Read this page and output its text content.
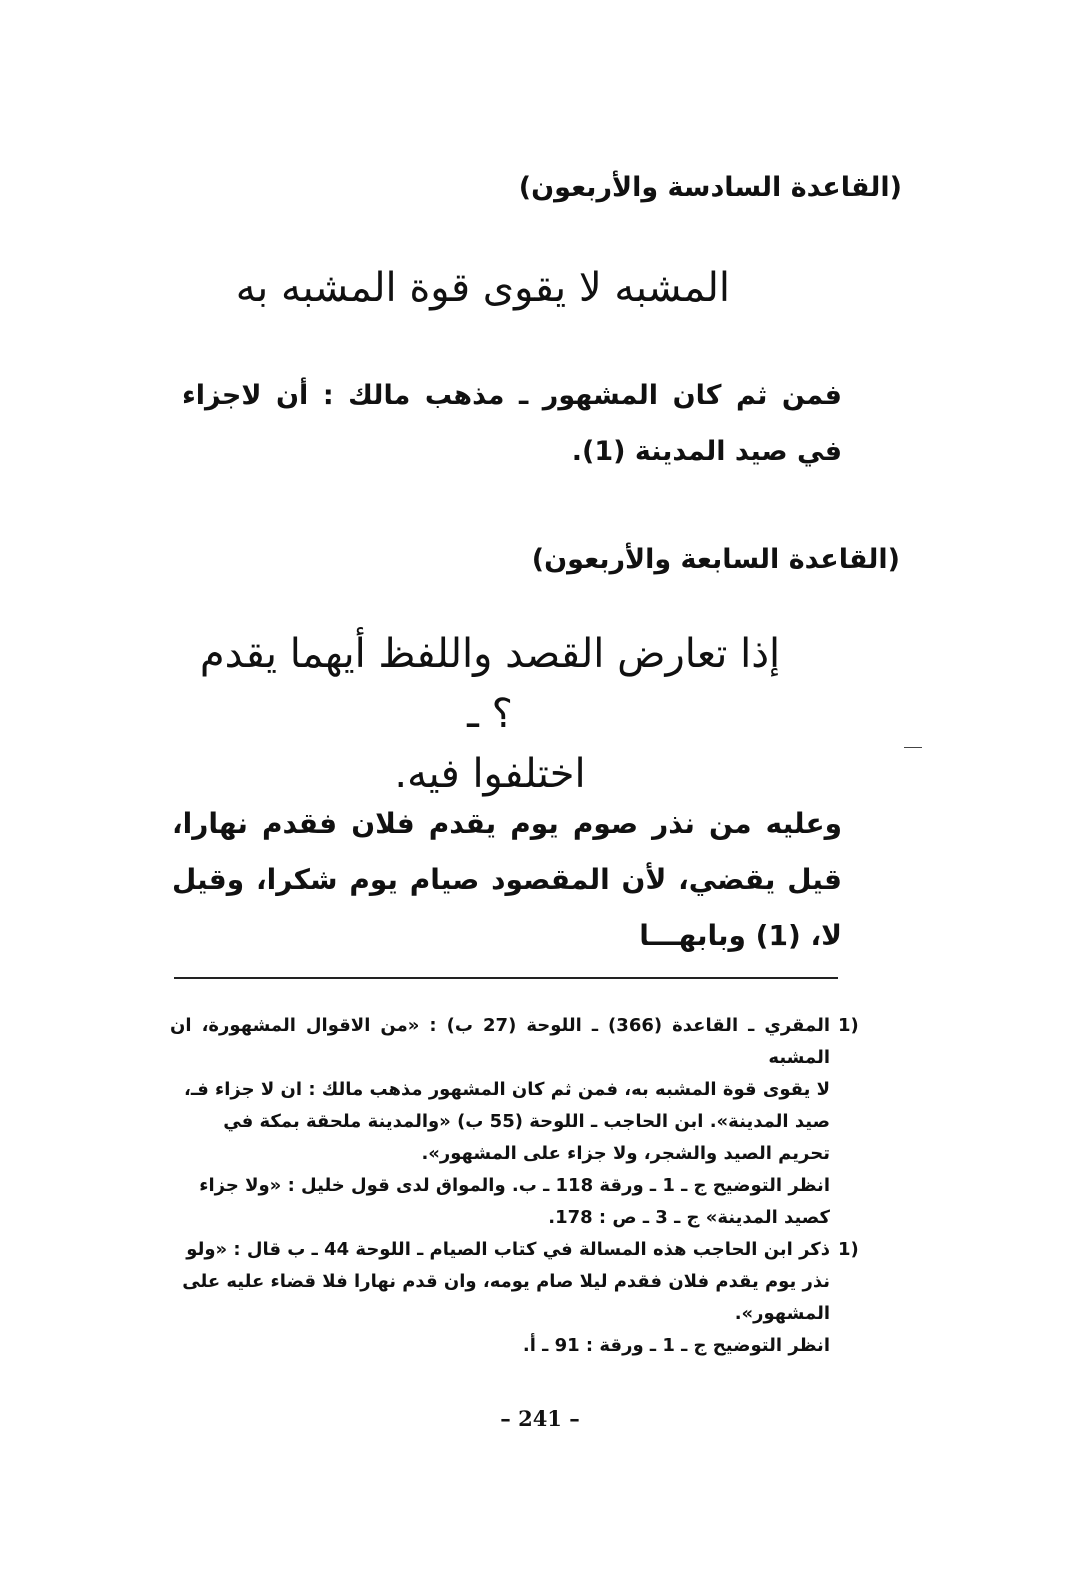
(القاعدة السادسة والأربعون)
المشبه لا يقوى قوة المشبه به
فمن ثم كان المشهور ـ مذهب مالك : أن لاجزاء في صيد المدينة (1).
(القاعدة السابعة والأربعون)
إذا تعارض القصد واللفظ أيهما يقدم ؟ ـ
اختلفوا فيه.
وعليه من نذر صوم يوم يقدم فلان فقدم نهارا، قيل يقضي، لأن المقصود صيام يوم شكرا، وقيل لا، (1) وبابهـــا
1)
المقري ـ القاعدة (366) ـ اللوحة (27 ب) : «من الاقوال المشهورة، ان المشبه
لا يقوى قوة المشبه به، فمن ثم كان المشهور مذهب مالك : ان لا جزاء فـ،
صيد المدينة». ابن الحاجب ـ اللوحة (55 ب) «والمدينة ملحقة بمكة في
تحريم الصيد والشجر، ولا جزاء على المشهور».
انظر التوضيح ج ـ 1 ـ ورقة 118 ـ ب. والمواق لدى قول خليل : «ولا جزاء
كصيد المدينة» ج ـ 3 ـ ص : 178.
1)
ذكر ابن الحاجب هذه المسالة في كتاب الصيام ـ اللوحة 44 ـ ب قال : «ولو
نذر يوم يقدم فلان فقدم ليلا صام يومه، وان قدم نهارا فلا قضاء عليه على
المشهور».
انظر التوضيح ج ـ 1 ـ ورقة : 91 ـ أ.
– 241 –
